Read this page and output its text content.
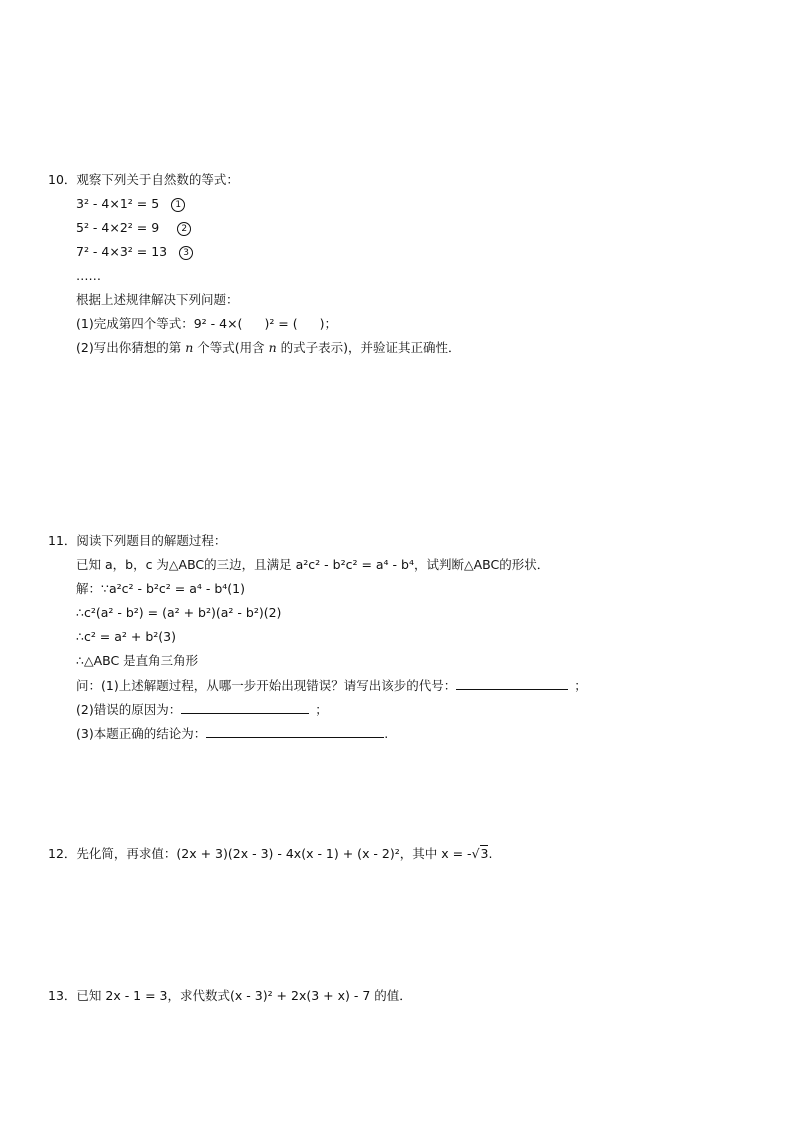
10．观察下列关于自然数的等式：
3² - 4×1² = 5 1
5² - 4×2² = 9 2
7² - 4×3² = 13 3
……
根据上述规律解决下列问题：
(1)完成第四个等式：9² - 4×( )² = ( )；
(2)写出你猜想的第 n 个等式(用含 n 的式子表示)，并验证其正确性．
11．阅读下列题目的解题过程：
已知 a，b，c 为△ABC的三边，且满足 a²c² - b²c² = a⁴ - b⁴，试判断△ABC的形状．
解：∵a²c² - b²c² = a⁴ - b⁴(1)
∴c²(a² - b²) = (a² + b²)(a² - b²)(2)
∴c² = a² + b²(3)
∴△ABC 是直角三角形
问：(1)上述解题过程，从哪一步开始出现错误？请写出该步的代号：	；
(2)错误的原因为：	；
(3)本题正确的结论为：	.
12．先化简，再求值：(2x + 3)(2x - 3) - 4x(x - 1) + (x - 2)²，其中 x = -√3.
13．已知 2x - 1 = 3，求代数式(x - 3)² + 2x(3 + x) - 7 的值．
